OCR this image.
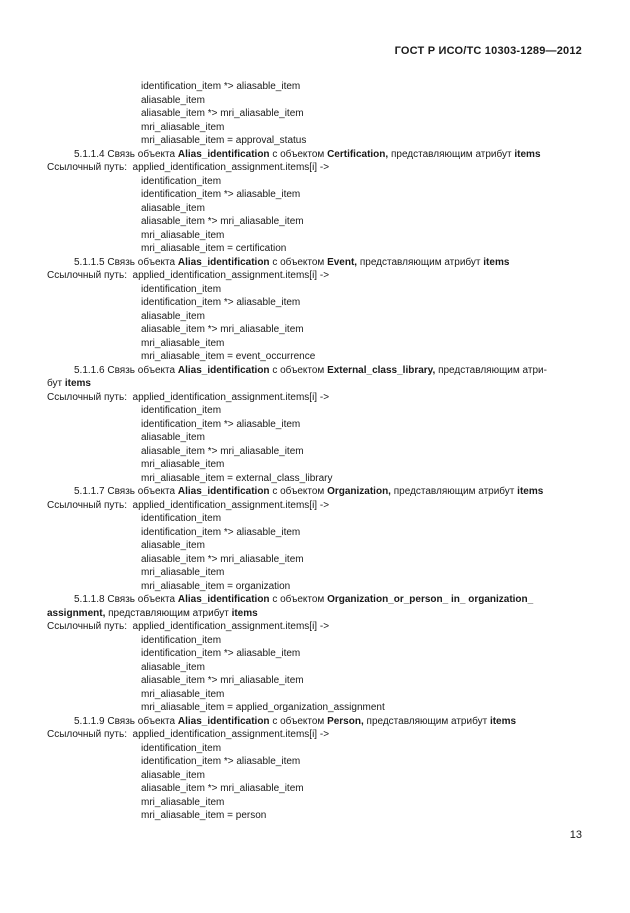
ГОСТ Р ИСО/ТС 10303-1289—2012
identification_item *> aliasable_item
aliasable_item
aliasable_item *> mri_aliasable_item
mri_aliasable_item
mri_aliasable_item = approval_status
5.1.1.4 Связь объекта Alias_identification с объектом Certification, представляющим атрибут items
Ссылочный путь: applied_identification_assignment.items[i] ->
identification_item
identification_item *> aliasable_item
aliasable_item
aliasable_item *> mri_aliasable_item
mri_aliasable_item
mri_aliasable_item = certification
5.1.1.5 Связь объекта Alias_identification с объектом Event, представляющим атрибут items
Ссылочный путь: applied_identification_assignment.items[i] ->
identification_item
identification_item *> aliasable_item
aliasable_item
aliasable_item *> mri_aliasable_item
mri_aliasable_item
mri_aliasable_item = event_occurrence
5.1.1.6 Связь объекта Alias_identification с объектом External_class_library, представляющим атри-
бут items
Ссылочный путь: applied_identification_assignment.items[i] ->
identification_item
identification_item *> aliasable_item
aliasable_item
aliasable_item *> mri_aliasable_item
mri_aliasable_item
mri_aliasable_item = external_class_library
5.1.1.7 Связь объекта Alias_identification с объектом Organization, представляющим атрибут items
Ссылочный путь: applied_identification_assignment.items[i] ->
identification_item
identification_item *> aliasable_item
aliasable_item
aliasable_item *> mri_aliasable_item
mri_aliasable_item
mri_aliasable_item = organization
5.1.1.8 Связь объекта Alias_identification с объектом Organization_or_person_ in_ organization_
assignment, представляющим атрибут items
Ссылочный путь: applied_identification_assignment.items[i] ->
identification_item
identification_item *> aliasable_item
aliasable_item
aliasable_item *> mri_aliasable_item
mri_aliasable_item
mri_aliasable_item = applied_organization_assignment
5.1.1.9 Связь объекта Alias_identification с объектом Person, представляющим атрибут items
Ссылочный путь: applied_identification_assignment.items[i] ->
identification_item
identification_item *> aliasable_item
aliasable_item
aliasable_item *> mri_aliasable_item
mri_aliasable_item
mri_aliasable_item = person
13
